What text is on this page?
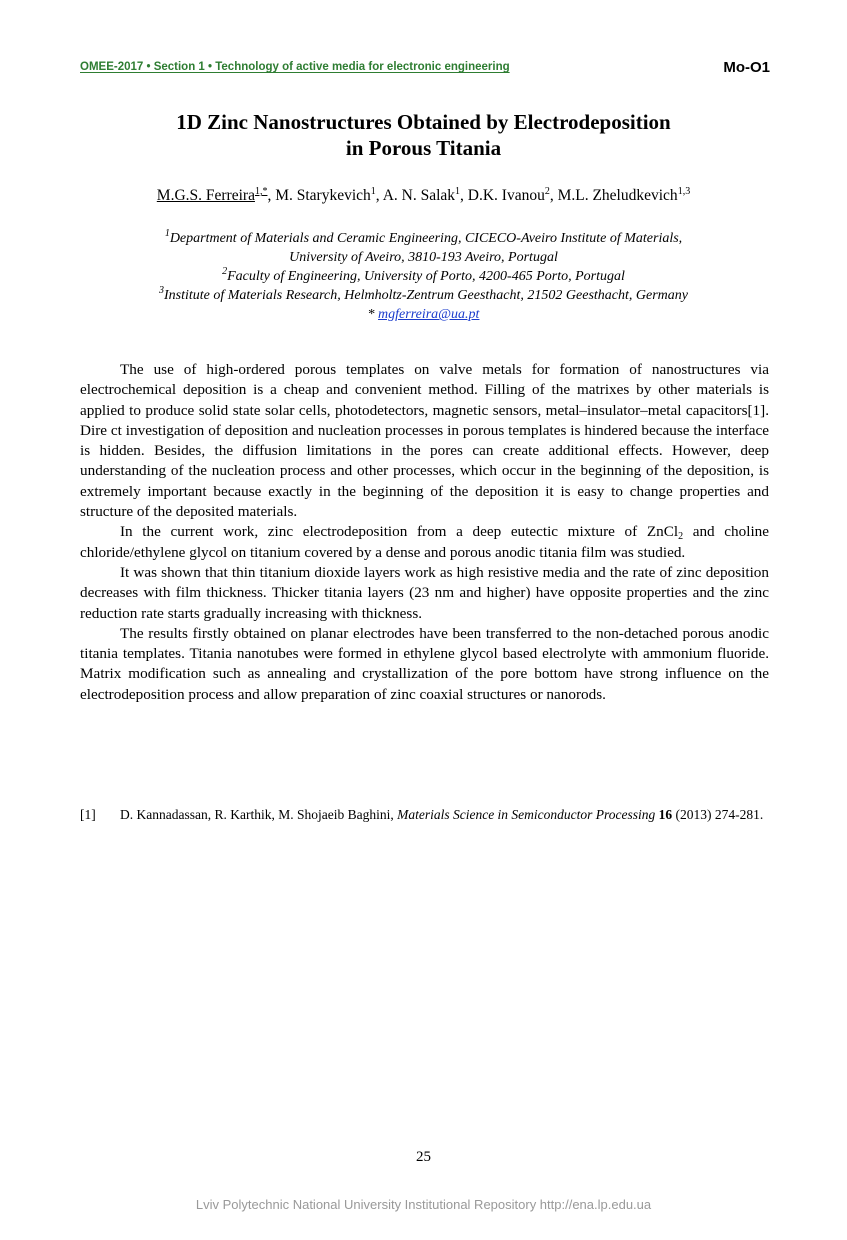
OMEE-2017 • Section 1 • Technology of active media for electronic engineering	Mo-O1
1D Zinc Nanostructures Obtained by Electrodeposition
in Porous Titania
M.G.S. Ferreira$^{1,*}$, M. Starykevich$^1$, A. N. Salak$^1$, D.K. Ivanou$^2$, M.L. Zheludkevich$^{1,3}$

$^1$Department of Materials and Ceramic Engineering, CICECO-Aveiro Institute of Materials,

University of Aveiro, 3810-193 Aveiro, Portugal

$^2$Faculty of Engineering, University of Porto, 4200-465 Porto, Portugal

$^3$Institute of Materials Research, Helmholtz-Zentrum Geesthacht, 21502 Geesthacht, Germany

* mgferreira@ua.pt

The use of high-ordered porous templates on valve metals for formation of nanostructures via electrochemical deposition is a cheap and convenient method. Filling of the matrixes by other materials is applied to produce solid state solar cells, photodetectors, magnetic sensors, metal–insulator–metal capacitors[1]. Dire ct investigation of deposition and nucleation processes in porous templates is hindered because the interface is hidden. Besides, the diffusion limitations in the pores can create additional effects. However, deep understanding of the nucleation process and other processes, which occur in the beginning of the deposition, is extremely important because exactly in the beginning of the deposition it is easy to change properties and structure of the deposited materials.

In the current work, zinc electrodeposition from a deep eutectic mixture of ZnCl$_2$ and choline chloride/ethylene glycol on titanium covered by a dense and porous anodic titania film was studied.

It was shown that thin titanium dioxide layers work as high resistive media and the rate of zinc deposition decreases with film thickness. Thicker titania layers (23 nm and higher) have opposite properties and the zinc reduction rate starts gradually increasing with thickness.

The results firstly obtained on planar electrodes have been transferred to the non-detached porous anodic titania templates. Titania nanotubes were formed in ethylene glycol based electrolyte with ammonium fluoride. Matrix modification such as annealing and crystallization of the pore bottom have strong influence on the electrodeposition process and allow preparation of zinc coaxial structures or nanorods.

[1] D. Kannadassan, R. Karthik, M. Shojaeib Baghini, Materials Science in Semiconductor Processing 16 (2013) 274-281.
25
Lviv Polytechnic National University Institutional Repository http://ena.lp.edu.ua
